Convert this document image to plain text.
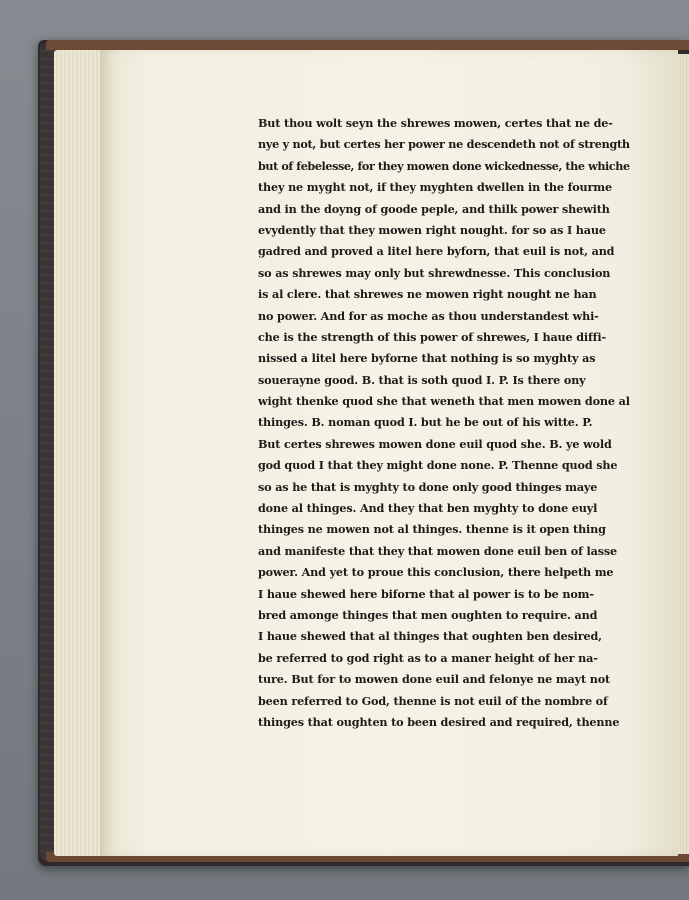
But thou wolt seyn the shrewes mowen, certes that ne de‑
nye y not, but certes her power ne descendeth not of strength
but of febelesse, for they mowen done wickednesse, the whiche
they ne myght not, if they myghten dwellen in the fourme
and in the doyng of goode peple, and thilk power shewith
evydently that they mowen right nought. for so as I haue
gadred and proved a litel here byforn, that euil is not, and
so as shrewes may only but shrewdnesse. This conclusion
is al clere. that shrewes ne mowen right nought ne han
no power. And for as moche as thou understandest whi‑
che is the strength of this power of shrewes, I haue diffi‑
nissed a litel here byforne that nothing is so myghty as
souerayne good. B. that is soth quod I. P. Is there ony
wight thenke quod she that weneth that men mowen done al
thinges. B. noman quod I. but he be out of his witte. P.
But certes shrewes mowen done euil quod she. B. ye wold
god quod I that they might done none. P. Thenne quod she
so as he that is myghty to done only good thinges maye
done al thinges. And they that ben myghty to done euyl
thinges ne mowen not al thinges. thenne is it open thing
and manifeste that they that mowen done euil ben of lasse
power. And yet to proue this conclusion, there helpeth me
I haue shewed here biforne that al power is to be nom‑
bred amonge thinges that men oughten to require. and
I haue shewed that al thinges that oughten ben desired,
be referred to god right as to a maner height of her na‑
ture. But for to mowen done euil and felonye ne mayt not
been referred to God, thenne is not euil of the nombre of
thinges that oughten to been desired and required, thenne
